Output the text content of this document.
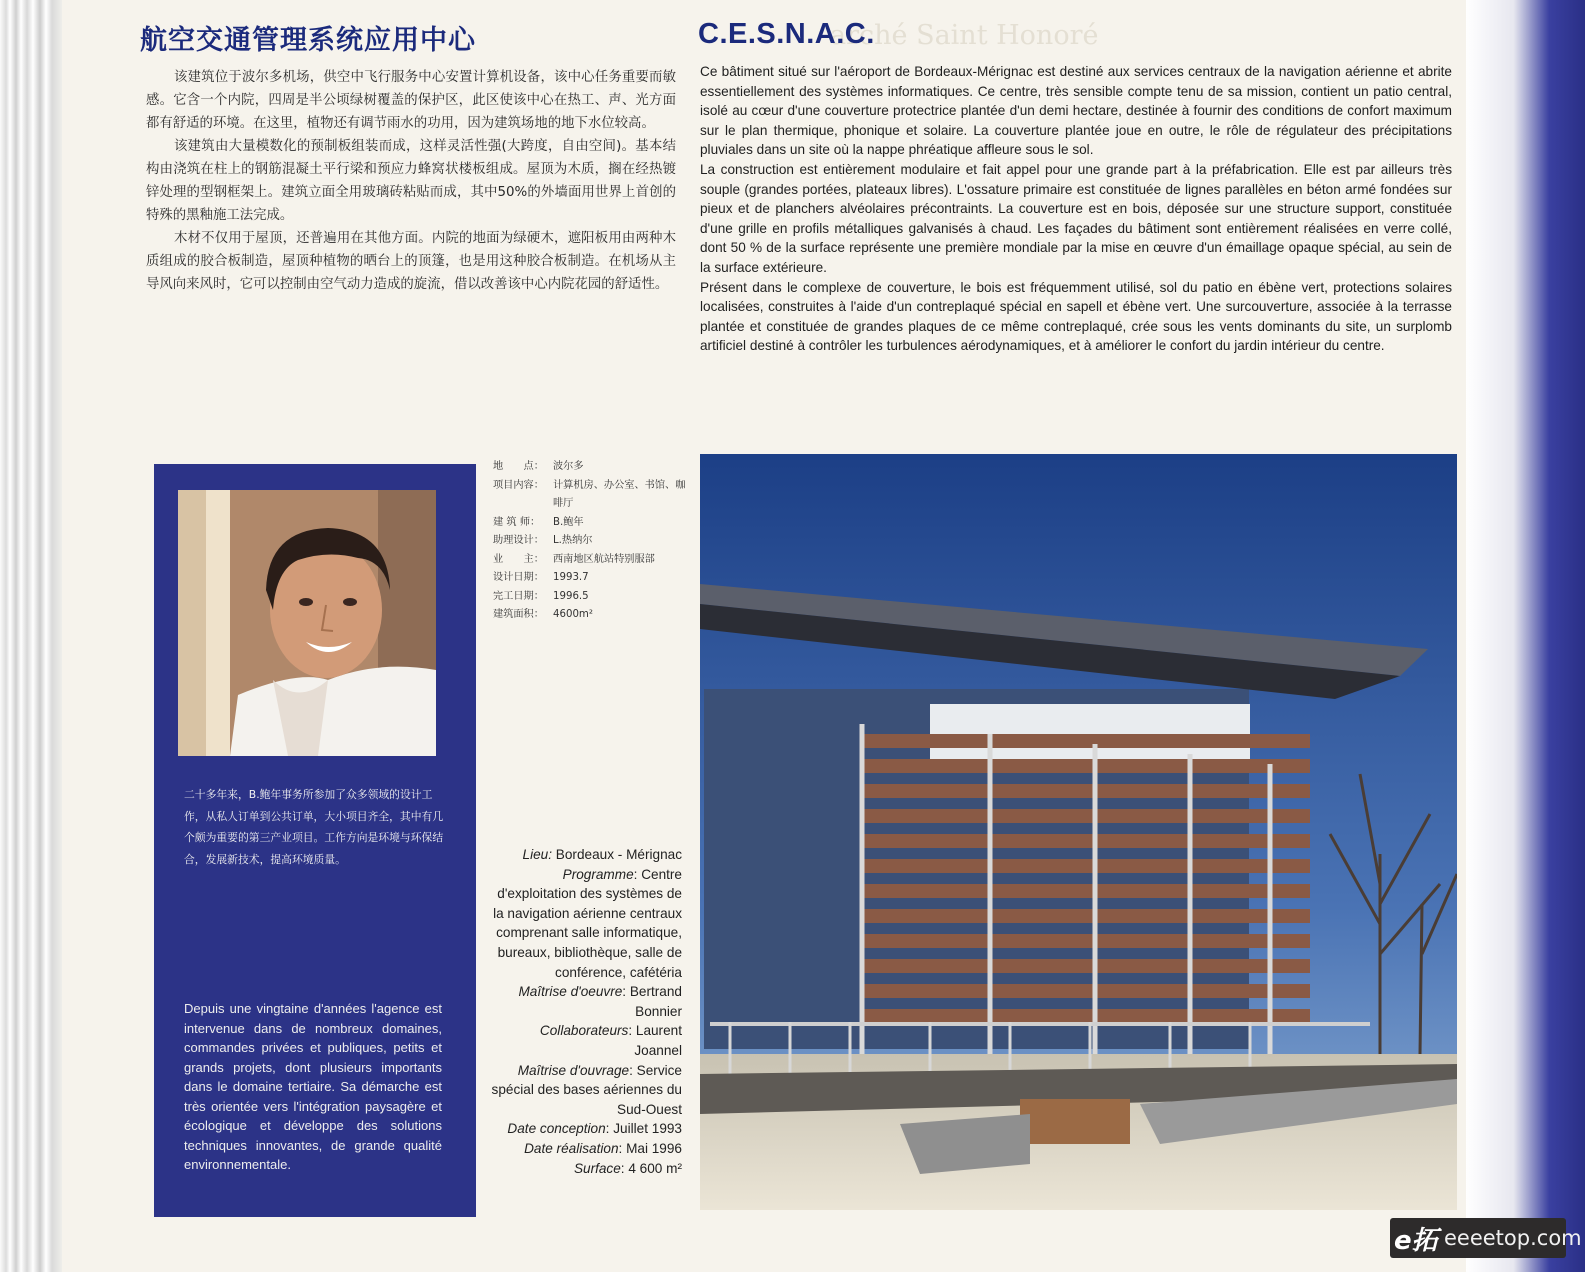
航空交通管理系统应用中心

该建筑位于波尔多机场，供空中飞行服务中心安置计算机设备，该中心任务重要而敏感。它含一个内院，四周是半公顷绿树覆盖的保护区，此区使该中心在热工、声、光方面都有舒适的环境。在这里，植物还有调节雨水的功用，因为建筑场地的地下水位较高。

该建筑由大量模数化的预制板组装而成，这样灵活性强(大跨度，自由空间)。基本结构由浇筑在柱上的钢筋混凝土平行梁和预应力蜂窝状楼板组成。屋顶为木质，搁在经热镀锌处理的型钢框架上。建筑立面全用玻璃砖粘贴而成，其中50%的外墙面用世界上首创的特殊的黑釉施工法完成。

木材不仅用于屋顶，还普遍用在其他方面。内院的地面为绿硬木，遮阳板用由两种木质组成的胶合板制造，屋顶种植物的晒台上的顶篷，也是用这种胶合板制造。在机场从主导风向来风时，它可以控制由空气动力造成的旋流，借以改善该中心内院花园的舒适性。

arché Saint Honoré
C.E.S.N.A.C.

Ce bâtiment situé sur l'aéroport de Bordeaux-Mérignac est destiné aux services centraux de la navigation aérienne et abrite essentiellement des systèmes informatiques. Ce centre, très sensible compte tenu de sa mission, contient un patio central, isolé au cœur d'une couverture protectrice plantée d'un demi hectare, destinée à fournir des conditions de confort maximum sur le plan thermique, phonique et solaire. La couverture plantée joue en outre, le rôle de régulateur des précipitations pluviales dans un site où la nappe phréatique affleure sous le sol.

La construction est entièrement modulaire et fait appel pour une grande part à la préfabrication. Elle est par ailleurs très souple (grandes portées, plateaux libres). L'ossature primaire est constituée de lignes parallèles en béton armé fondées sur pieux et de planchers alvéolaires précontraints. La couverture est en bois, déposée sur une structure support, constituée d'une grille en profils métalliques galvanisés à chaud. Les façades du bâtiment sont entièrement réalisées en verre collé, dont 50 % de la surface représente une première mondiale par la mise en œuvre d'un émaillage opaque spécial, au sein de la surface extérieure.

Présent dans le complexe de couverture, le bois est fréquemment utilisé, sol du patio en ébène vert, protections solaires localisées, construites à l'aide d'un contreplaqué spécial en sapell et ébène vert. Une surcouverture, associée à la terrasse plantée et constituée de grandes plaques de ce même contreplaqué, crée sous les vents dominants du site, un surplomb artificiel destiné à contrôler les turbulences aérodynamiques, et à améliorer le confort du jardin intérieur du centre.

二十多年来，B.鲍年事务所参加了众多领域的设计工作，从私人订单到公共订单，大小项目齐全，其中有几个颇为重要的第三产业项目。工作方向是环境与环保结合，发展新技术，提高环境质量。

Depuis une vingtaine d'années l'agence est intervenue dans de nombreux domaines, commandes privées et publiques, petits et grands projets, dont plusieurs importants dans le domaine tertiaire. Sa démarche est très orientée vers l'intégration paysagère et écologique et développe des solutions techniques innovantes, de grande qualité environnementale.

地　　点： 波尔多
项目内容： 计算机房、办公室、书馆、咖啡厅
建 筑 师：	B.鲍年
助理设计： L.热纳尔
业　　主： 西南地区航站特别服部
设计日期： 1993.7
完工日期： 1996.5
建筑面积： 4600m²
Lieu: Bordeaux - Mérignac
Programme: Centre d'exploitation des systèmes de la navigation aérienne centraux comprenant salle informatique, bureaux, bibliothèque, salle de conférence, cafétéria
Maîtrise d'oeuvre: Bertrand Bonnier
Collaborateurs: Laurent Joannel
Maîtrise d'ouvrage: Service spécial des bases aériennes du Sud-Ouest
Date conception: Juillet 1993
Date réalisation: Mai 1996
Surface: 4 600 m²
e拓 eeeetop.com
